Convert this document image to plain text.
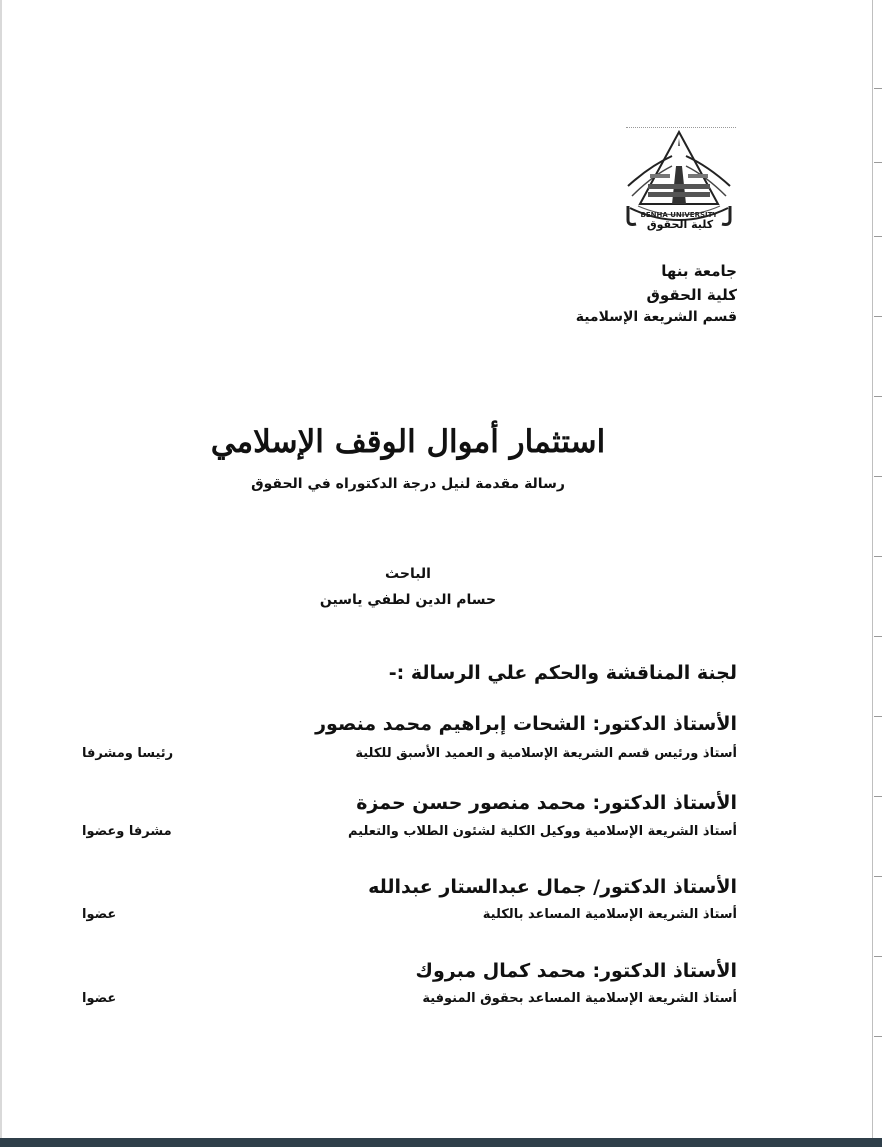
BENHA UNIVERSITY
كلية الحقوق
جامعة بنها
كلية الحقوق
قسم الشريعة الإسلامية
استثمار أموال الوقف الإسلامي
رسالة مقدمة لنيل درجة الدكتوراه في الحقوق
الباحث
حسام الدين لطفي ياسين
لجنة المناقشة والحكم علي الرسالة :-
الأستاذ الدكتور: الشحات إبراهيم محمد منصور
أستاذ ورئيس قسم الشريعة الإسلامية و العميد الأسبق للكلية
رئيسا ومشرفا
الأستاذ الدكتور: محمد منصور حسن حمزة
أستاذ الشريعة الإسلامية ووكيل الكلية لشئون الطلاب والتعليم
مشرفا وعضوا
الأستاذ الدكتور/ جمال عبدالستار عبدالله
أستاذ الشريعة الإسلامية المساعد بالكلية
عضوا
الأستاذ الدكتور: محمد كمال مبروك
أستاذ الشريعة الإسلامية المساعد بحقوق المنوفية
عضوا
